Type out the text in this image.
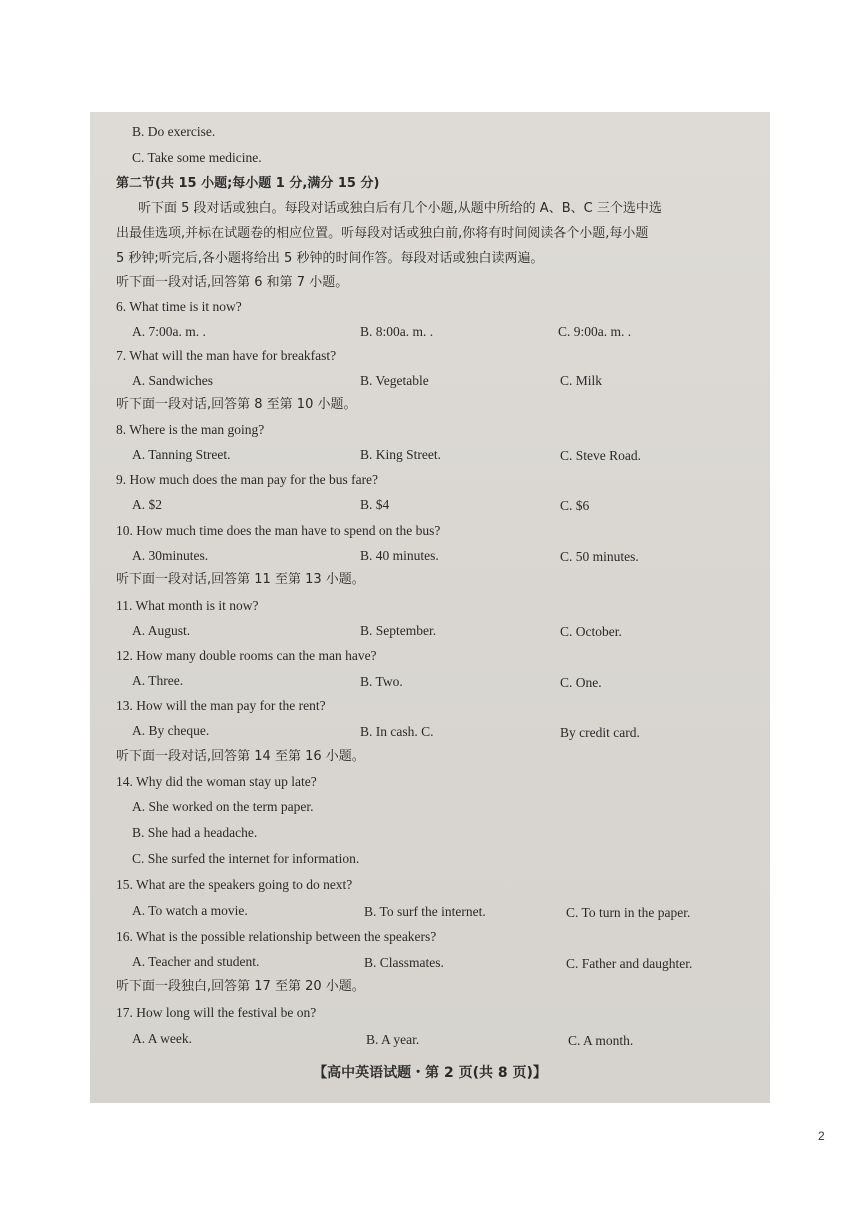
B. Do exercise.
C. Take some medicine.
第二节(共 15 小题;每小题 1 分,满分 15 分)
听下面 5 段对话或独白。每段对话或独白后有几个小题,从题中所给的 A、B、C 三个选中选
出最佳选项,并标在试题卷的相应位置。听每段对话或独白前,你将有时间阅读各个小题,每小题
5 秒钟;听完后,各小题将给出 5 秒钟的时间作答。每段对话或独白读两遍。
听下面一段对话,回答第 6 和第 7 小题。
6. What time is it now?
A. 7:00a. m. .	B. 8:00a. m. .	C. 9:00a. m. .
7. What will the man have for breakfast?
A. Sandwiches	B. Vegetable	C. Milk
听下面一段对话,回答第 8 至第 10 小题。
8. Where is the man going?
A. Tanning Street.	B. King Street.	C. Steve Road.
9. How much does the man pay for the bus fare?
A. $2	B. $4	C. $6
10. How much time does the man have to spend on the bus?
A. 30minutes.	B. 40 minutes.	C. 50 minutes.
听下面一段对话,回答第 11 至第 13 小题。
11. What month is it now?
A. August.	B. September.	C. October.
12. How many double rooms can the man have?
A. Three.	B. Two.	C. One.
13. How will the man pay for the rent?
A. By cheque.	B. In cash. C.	By credit card.
听下面一段对话,回答第 14 至第 16 小题。
14. Why did the woman stay up late?
A. She worked on the term paper.
B. She had a headache.
C. She surfed the internet for information.
15. What are the speakers going to do next?
A. To watch a movie.	B. To surf the internet.	C. To turn in the paper.
16. What is the possible relationship between the speakers?
A. Teacher and student.	B. Classmates.	C. Father and daughter.
听下面一段独白,回答第 17 至第 20 小题。
17. How long will the festival be on?
A. A week.	B. A year.	C. A month.
【高中英语试题・第 2 页(共 8 页)】
2
